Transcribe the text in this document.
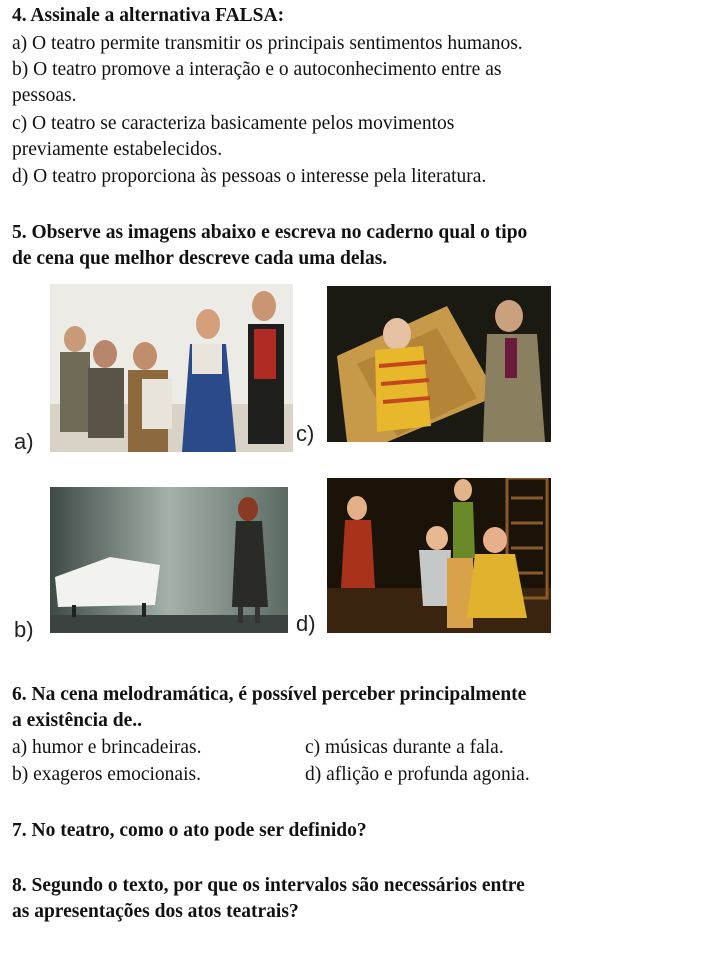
4. Assinale a alternativa FALSA:
a) O teatro permite transmitir os principais sentimentos humanos.
b) O teatro promove a interação e o autoconhecimento entre as
pessoas.
c) O teatro se caracteriza basicamente pelos movimentos
previamente estabelecidos.
d) O teatro proporciona às pessoas o interesse pela literatura.
5. Observe as imagens abaixo e escreva no caderno qual o tipo
de cena que melhor descreve cada uma delas.
a)	c)
b)	d)
6. Na cena melodramática, é possível perceber principalmente
a existência de..
a) humor e brincadeiras.	c) músicas durante a fala.
b) exageros emocionais.	d) aflição e profunda agonia.
7. No teatro, como o ato pode ser definido?
8. Segundo o texto, por que os intervalos são necessários entre
as apresentações dos atos teatrais?
